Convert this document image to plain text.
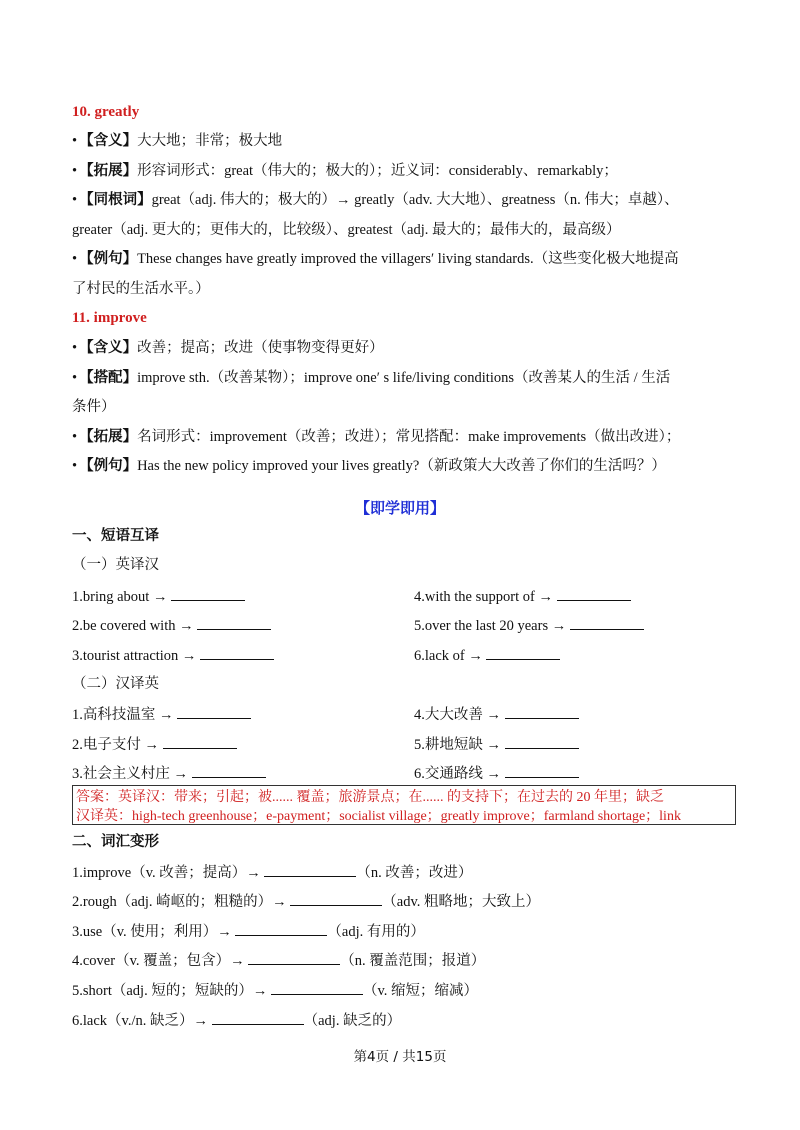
10. greatly
• 【含义】大大地；非常；极大地
• 【拓展】形容词形式：great（伟大的；极大的）；近义词：considerably、remarkably；
• 【同根词】great（adj. 伟大的；极大的）→ greatly（adv. 大大地）、greatness（n. 伟大；卓越）、
greater（adj. 更大的；更伟大的，比较级）、greatest（adj. 最大的；最伟大的，最高级）
• 【例句】These changes have greatly improved the villagers′ living standards.（这些变化极大地提高
了村民的生活水平。）
11. improve
• 【含义】改善；提高；改进（使事物变得更好）
• 【搭配】improve sth.（改善某物）；improve one′ s life/living conditions（改善某人的生活 / 生活
条件）
• 【拓展】名词形式：improvement（改善；改进）；常见搭配：make improvements（做出改进）；
• 【例句】Has the new policy improved your lives greatly?（新政策大大改善了你们的生活吗？）
【即学即用】
一、短语互译
（一）英译汉
1.bring about →
2.be covered with →
3.tourist attraction →
4.with the support of →
5.over the last 20 years →
6.lack of →
（二）汉译英
1.高科技温室 →
2.电子支付 →
3.社会主义村庄 →
4.大大改善 →
5.耕地短缺 →
6.交通路线 →
答案：英译汉：带来；引起；被...... 覆盖；旅游景点；在...... 的支持下；在过去的 20 年里；缺乏
汉译英：high-tech greenhouse；e-payment；socialist village；greatly improve；farmland shortage；link
二、词汇变形
1.improve（v. 改善；提高）→	（n. 改善；改进）
2.rough（adj. 崎岖的；粗糙的）→	（adv. 粗略地；大致上）
3.use（v. 使用；利用）→	（adj. 有用的）
4.cover（v. 覆盖；包含）→	（n. 覆盖范围；报道）
5.short（adj. 短的；短缺的）→	（v. 缩短；缩减）
6.lack（v./n. 缺乏）→	（adj. 缺乏的）
第4页 / 共15页
